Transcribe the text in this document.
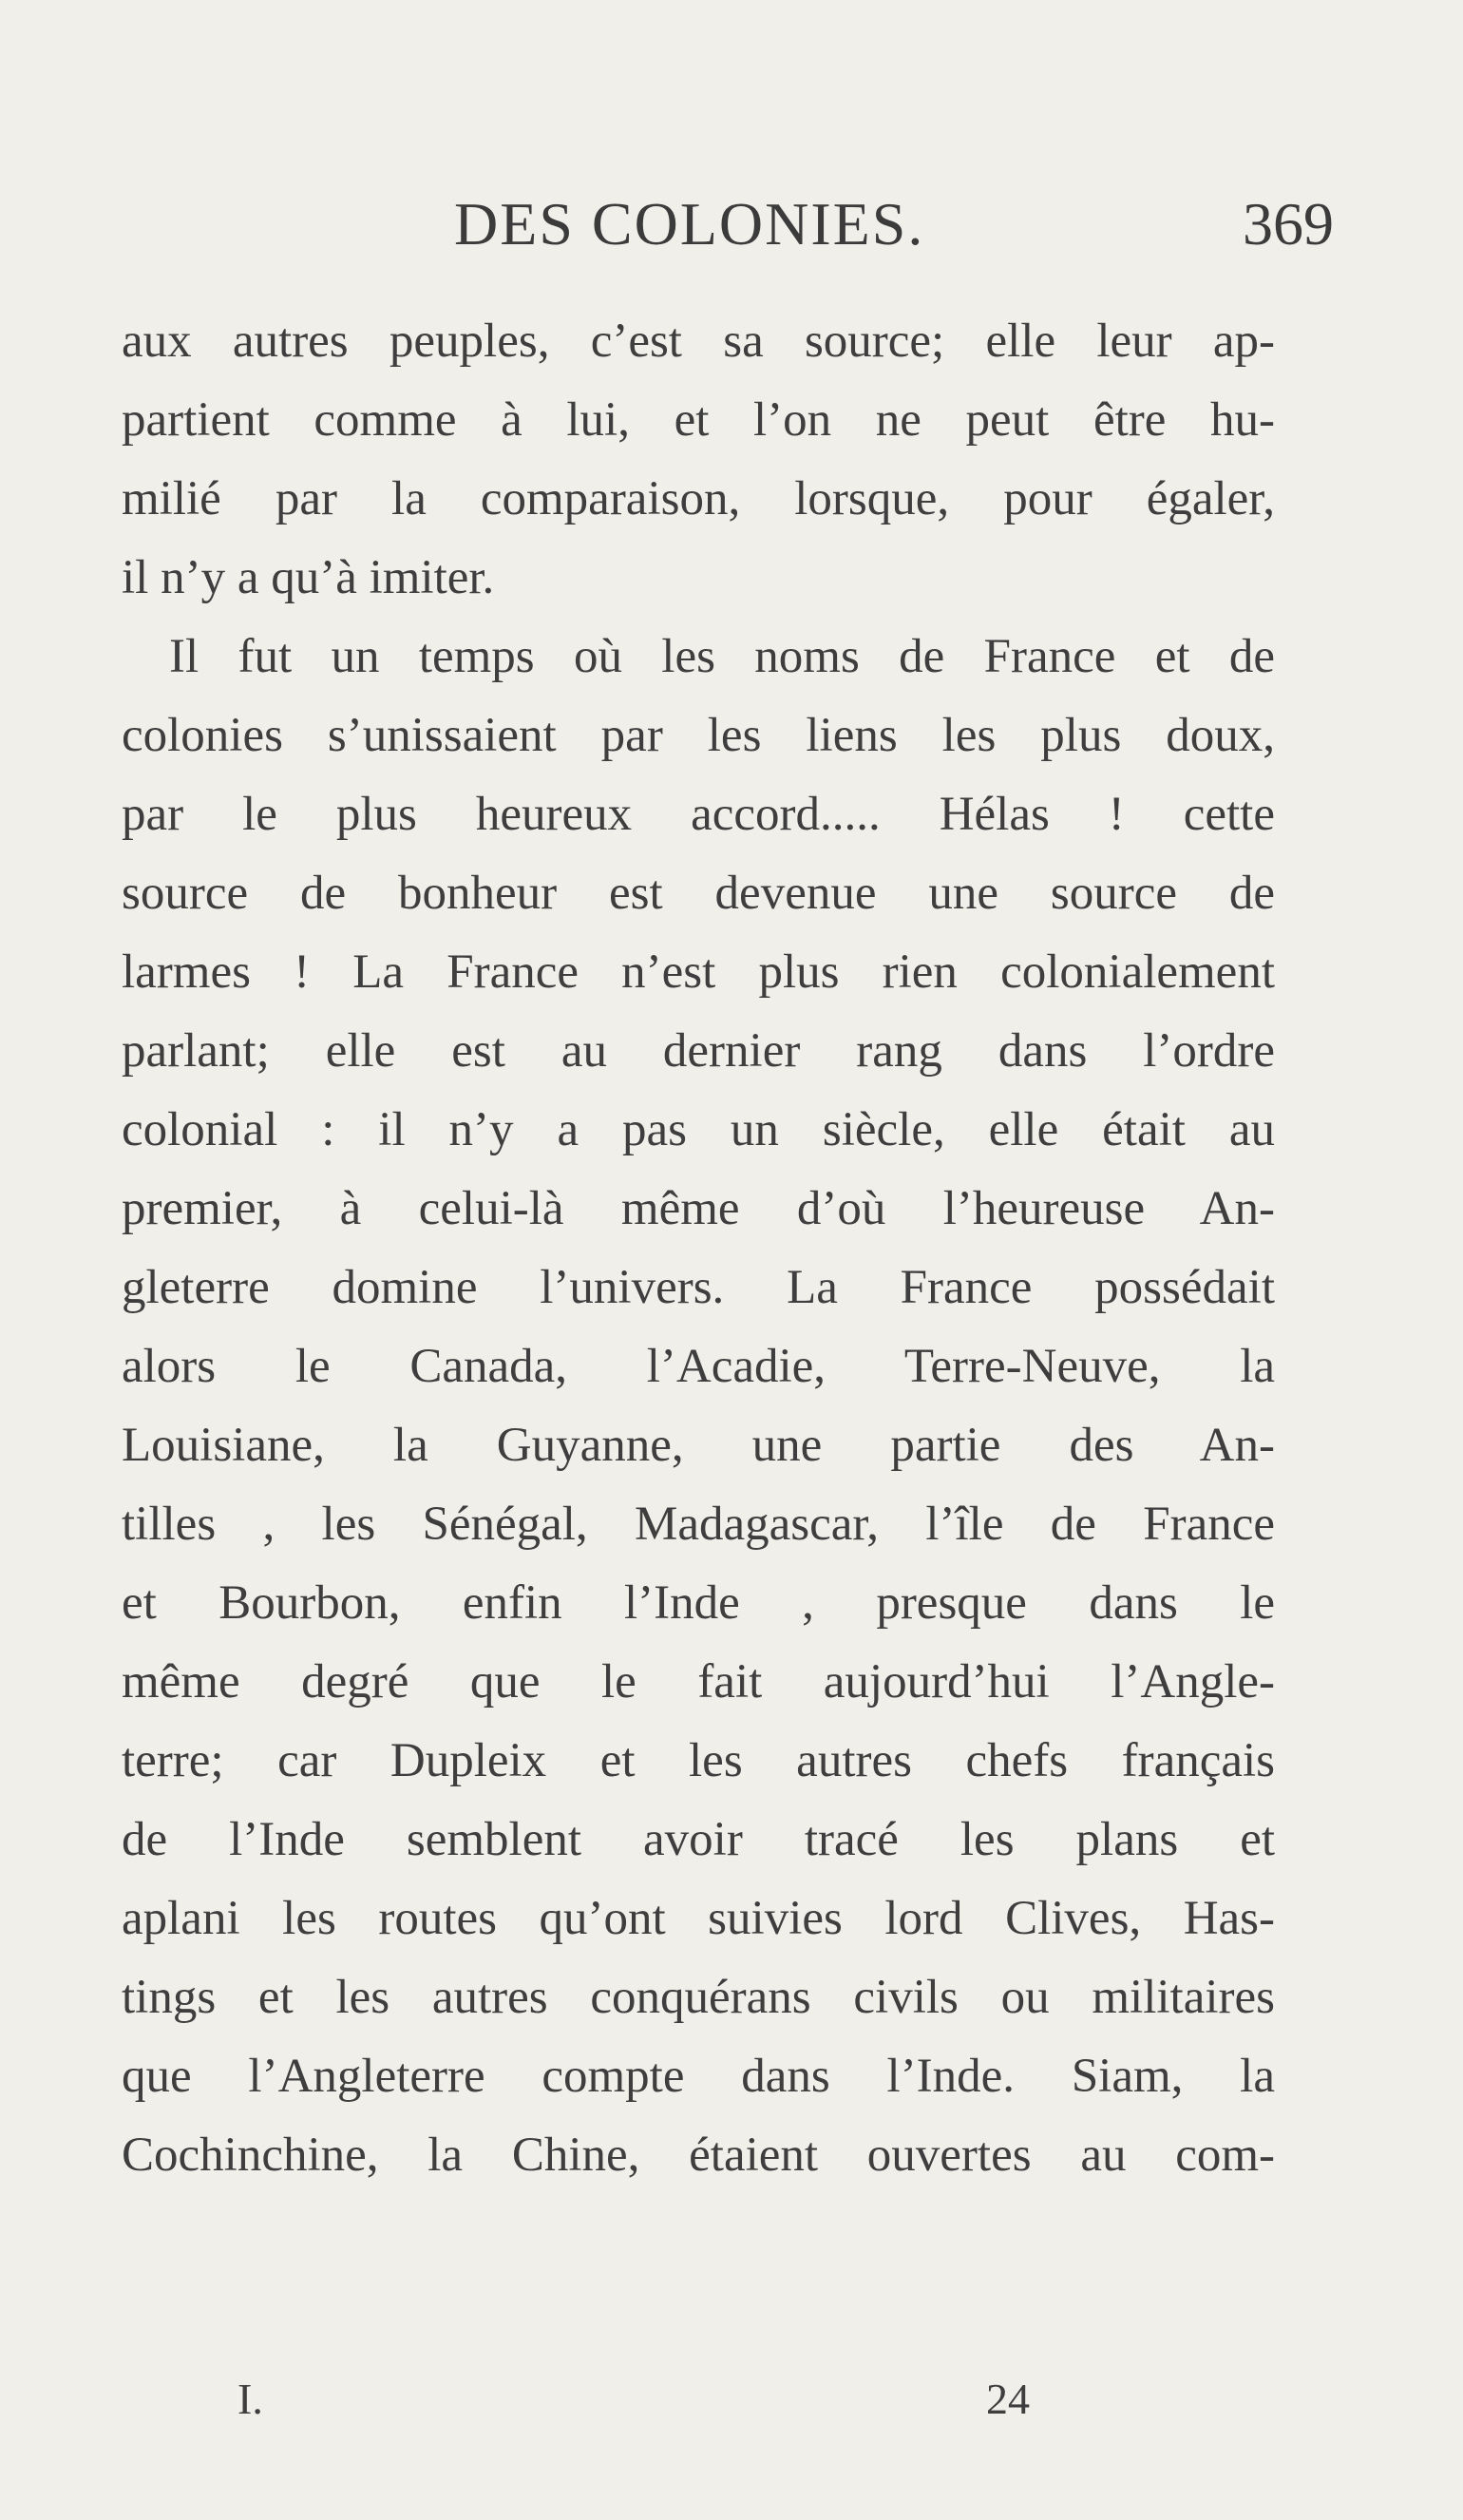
DES COLONIES.	369
aux autres peuples, c’est sa source; elle leur ap-
partient comme à lui, et l’on ne peut être hu-
milié par la comparaison, lorsque, pour égaler,
il n’y a qu’à imiter.
Il fut un temps où les noms de France et de
colonies s’unissaient par les liens les plus doux,
par le plus heureux accord..... Hélas ! cette
source de bonheur est devenue une source de
larmes ! La France n’est plus rien colonialement
parlant; elle est au dernier rang dans l’ordre
colonial : il n’y a pas un siècle, elle était au
premier, à celui-là même d’où l’heureuse An-
gleterre domine l’univers. La France possédait
alors le Canada, l’Acadie, Terre-Neuve, la
Louisiane, la Guyanne, une partie des An-
tilles , les Sénégal, Madagascar, l’île de France
et Bourbon, enfin l’Inde , presque dans le
même degré que le fait aujourd’hui l’Angle-
terre; car Dupleix et les autres chefs français
de l’Inde semblent avoir tracé les plans et
aplani les routes qu’ont suivies lord Clives, Has-
tings et les autres conquérans civils ou militaires
que l’Angleterre compte dans l’Inde. Siam, la
Cochinchine, la Chine, étaient ouvertes au com-
I.	24
